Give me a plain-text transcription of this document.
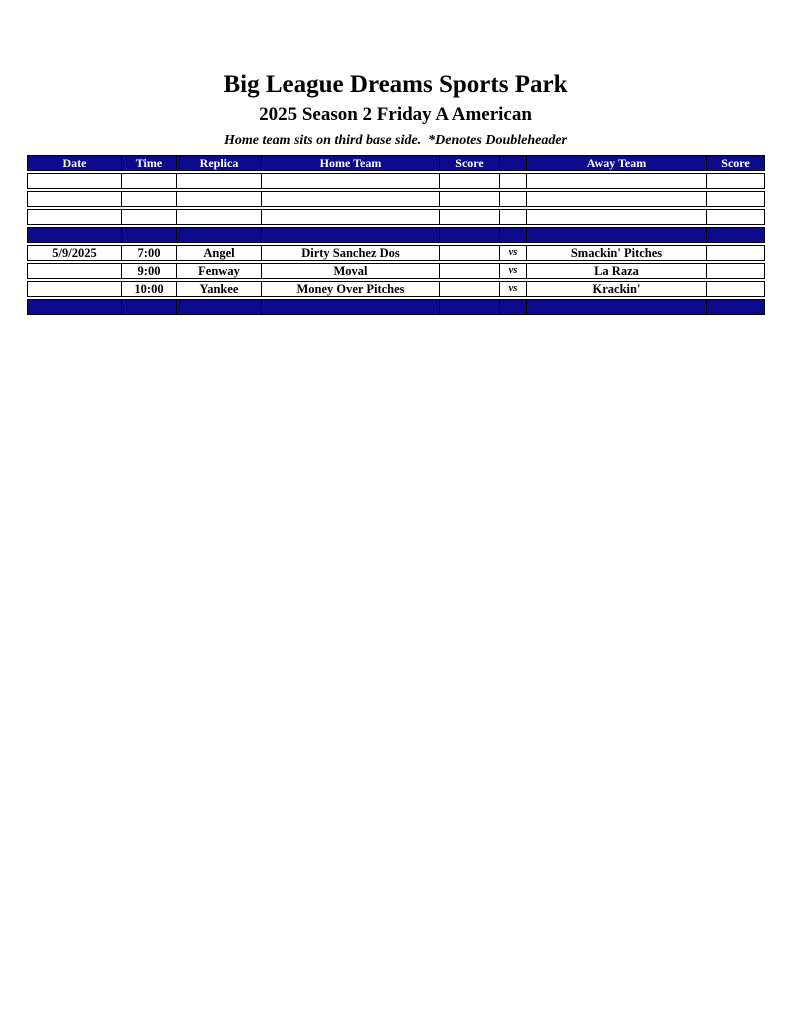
Big League Dreams Sports Park
2025 Season 2 Friday A American
Home team sits on third base side.  *Denotes Doubleheader
Date	Time	Replica	Home Team	Score		Away Team	Score

5/9/2025	7:00	Angel	Dirty Sanchez Dos		vs	Smackin' Pitches	
	9:00	Fenway	Moval		vs	La Raza	
	10:00	Yankee	Money Over Pitches		vs	Krackin'	
